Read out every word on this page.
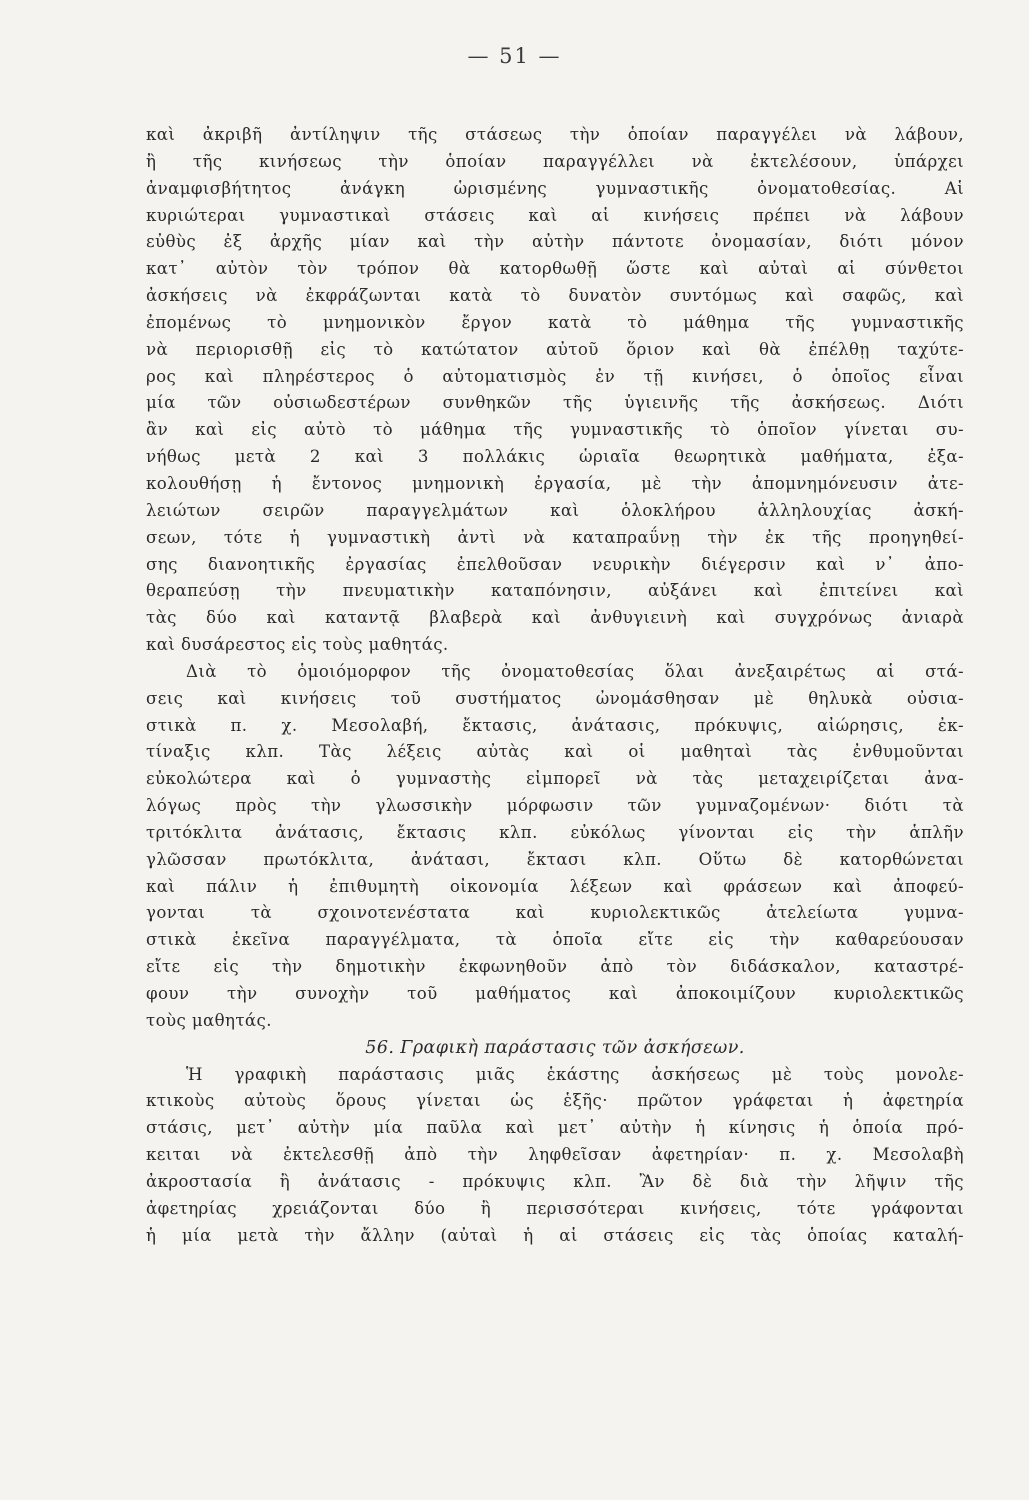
— 51 —
καὶ ἀκριβῆ ἀντίληψιν τῆς στάσεως τὴν ὁποίαν παραγγέλει νὰ λάβουν,
ἢ τῆς κινήσεως τὴν ὁποίαν παραγγέλλει νὰ ἐκτελέσουν, ὑπάρχει
ἀναμφισβήτητος ἀνάγκη ὡρισμένης γυμναστικῆς ὀνοματοθεσίας. Αἱ
κυριώτεραι γυμναστικαὶ στάσεις καὶ αἱ κινήσεις πρέπει νὰ λάβουν
εὐθὺς ἐξ ἀρχῆς μίαν καὶ τὴν αὐτὴν πάντοτε ὀνομασίαν, διότι μόνον
κατ᾿ αὐτὸν τὸν τρόπον θὰ κατορθωθῇ ὥστε καὶ αὐταὶ αἱ σύνθετοι
ἀσκήσεις νὰ ἐκφράζωνται κατὰ τὸ δυνατὸν συντόμως καὶ σαφῶς, καὶ
ἐπομένως τὸ μνημονικὸν ἔργον κατὰ τὸ μάθημα τῆς γυμναστικῆς
νὰ περιορισθῇ εἰς τὸ κατώτατον αὐτοῦ ὅριον καὶ θὰ ἐπέλθῃ ταχύτε-
ρος καὶ πληρέστερος ὁ αὐτοματισμὸς ἐν τῇ κινήσει, ὁ ὁποῖος εἶναι
μία τῶν οὐσιωδεστέρων συνθηκῶν τῆς ὑγιεινῆς τῆς ἀσκήσεως. Διότι
ἂν καὶ εἰς αὐτὸ τὸ μάθημα τῆς γυμναστικῆς τὸ ὁποῖον γίνεται συ-
νήθως μετὰ 2 καὶ 3 πολλάκις ὡριαῖα θεωρητικὰ μαθήματα, ἐξα-
κολουθήσῃ ἡ ἔντονος μνημονικὴ ἐργασία, μὲ τὴν ἀπομνημόνευσιν ἀτε-
λειώτων σειρῶν παραγγελμάτων καὶ ὁλοκλήρου ἀλληλουχίας ἀσκή-
σεων, τότε ἡ γυμναστικὴ ἀντὶ νὰ καταπραΰνῃ τὴν ἐκ τῆς προηγηθεί-
σης διανοητικῆς ἐργασίας ἐπελθοῦσαν νευρικὴν διέγερσιν καὶ ν᾿ ἀπο-
θεραπεύσῃ τὴν πνευματικὴν καταπόνησιν, αὐξάνει καὶ ἐπιτείνει καὶ
τὰς δύο καὶ καταντᾷ βλαβερὰ καὶ ἀνθυγιεινὴ καὶ συγχρόνως ἀνιαρὰ
καὶ δυσάρεστος εἰς τοὺς μαθητάς.
Διὰ τὸ ὁμοιόμορφον τῆς ὀνοματοθεσίας ὅλαι ἀνεξαιρέτως αἱ στά-
σεις καὶ κινήσεις τοῦ συστήματος ὠνομάσθησαν μὲ θηλυκὰ οὐσια-
στικὰ π. χ. Μεσολαβή, ἔκτασις, ἀνάτασις, πρόκυψις, αἰώρησις, ἐκ-
τίναξις κλπ. Τὰς λέξεις αὐτὰς καὶ οἱ μαθηταὶ τὰς ἐνθυμοῦνται
εὐκολώτερα καὶ ὁ γυμναστὴς εἰμπορεῖ νὰ τὰς μεταχειρίζεται ἀνα-
λόγως πρὸς τὴν γλωσσικὴν μόρφωσιν τῶν γυμναζομένων· διότι τὰ
τριτόκλιτα ἀνάτασις, ἔκτασις κλπ. εὐκόλως γίνονται εἰς τὴν ἁπλῆν
γλῶσσαν πρωτόκλιτα, ἀνάτασι, ἔκτασι κλπ. Οὕτω δὲ κατορθώνεται
καὶ πάλιν ἡ ἐπιθυμητὴ οἰκονομία λέξεων καὶ φράσεων καὶ ἀποφεύ-
γονται τὰ σχοινοτενέστατα καὶ κυριολεκτικῶς ἀτελείωτα γυμνα-
στικὰ ἐκεῖνα παραγγέλματα, τὰ ὁποῖα εἴτε εἰς τὴν καθαρεύουσαν
εἴτε εἰς τὴν δημοτικὴν ἐκφωνηθοῦν ἀπὸ τὸν διδάσκαλον, καταστρέ-
φουν τὴν συνοχὴν τοῦ μαθήματος καὶ ἀποκοιμίζουν κυριολεκτικῶς
τοὺς μαθητάς.
56. Γραφικὴ παράστασις τῶν ἀσκήσεων.
Ἡ γραφικὴ παράστασις μιᾶς ἑκάστης ἀσκήσεως μὲ τοὺς μονολε-
κτικοὺς αὐτοὺς ὅρους γίνεται ὡς ἑξῆς· πρῶτον γράφεται ἡ ἀφετηρία
στάσις, μετ᾿ αὐτὴν μία παῦλα καὶ μετ᾿ αὐτὴν ἡ κίνησις ἡ ὁποία πρό-
κειται νὰ ἐκτελεσθῇ ἀπὸ τὴν ληφθεῖσαν ἀφετηρίαν· π. χ. Μεσολαβὴ
ἀκροστασία ἢ ἀνάτασις - πρόκυψις κλπ. Ἂν δὲ διὰ τὴν λῆψιν τῆς
ἀφετηρίας χρειάζονται δύο ἢ περισσότεραι κινήσεις, τότε γράφονται
ἡ μία μετὰ τὴν ἄλλην (αὐταὶ ἡ αἱ στάσεις εἰς τὰς ὁποίας καταλή-
